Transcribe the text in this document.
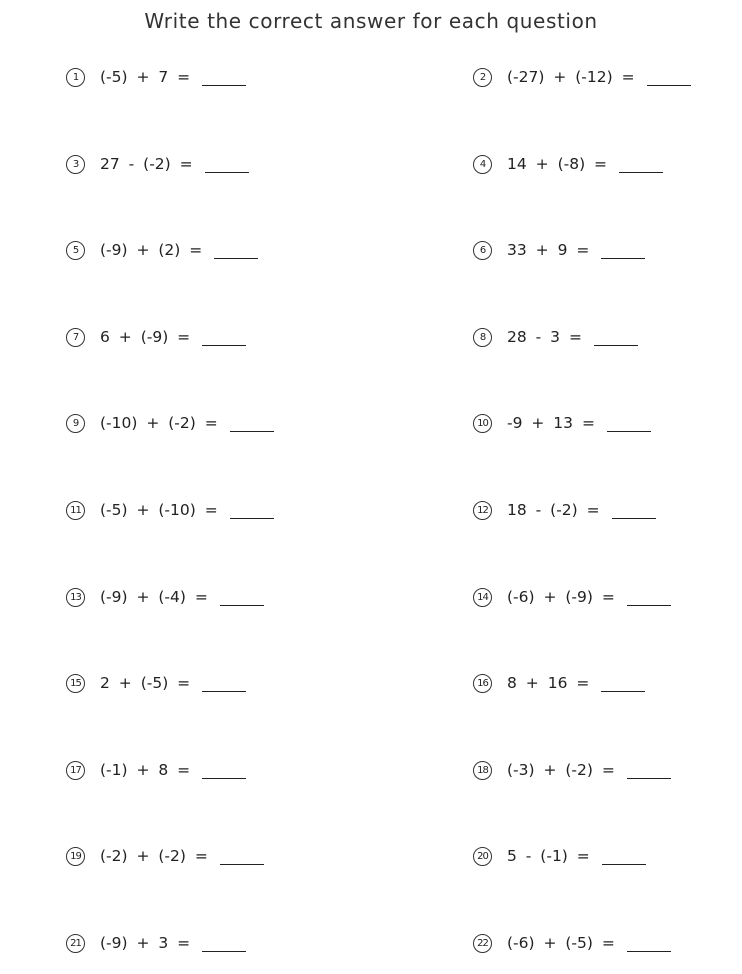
Write the correct answer for each question
1	(-5) + 7 =	2	(-27) + (-12) =
3	27 - (-2) =	4	14 + (-8) =
5	(-9) + (2) =	6	33 + 9 =
7	6 + (-9) =	8	28 - 3 =
9	(-10) + (-2) =	10 -9 + 13 =
11 (-5) + (-10) =	12 18 - (-2) =
13 (-9) + (-4) =	14 (-6) + (-9) =
15 2 + (-5) =	16 8 + 16 =
17 (-1) + 8 =	18 (-3) + (-2) =
19 (-2) + (-2) =	20 5 - (-1) =
21 (-9) + 3 =	22 (-6) + (-5) =
